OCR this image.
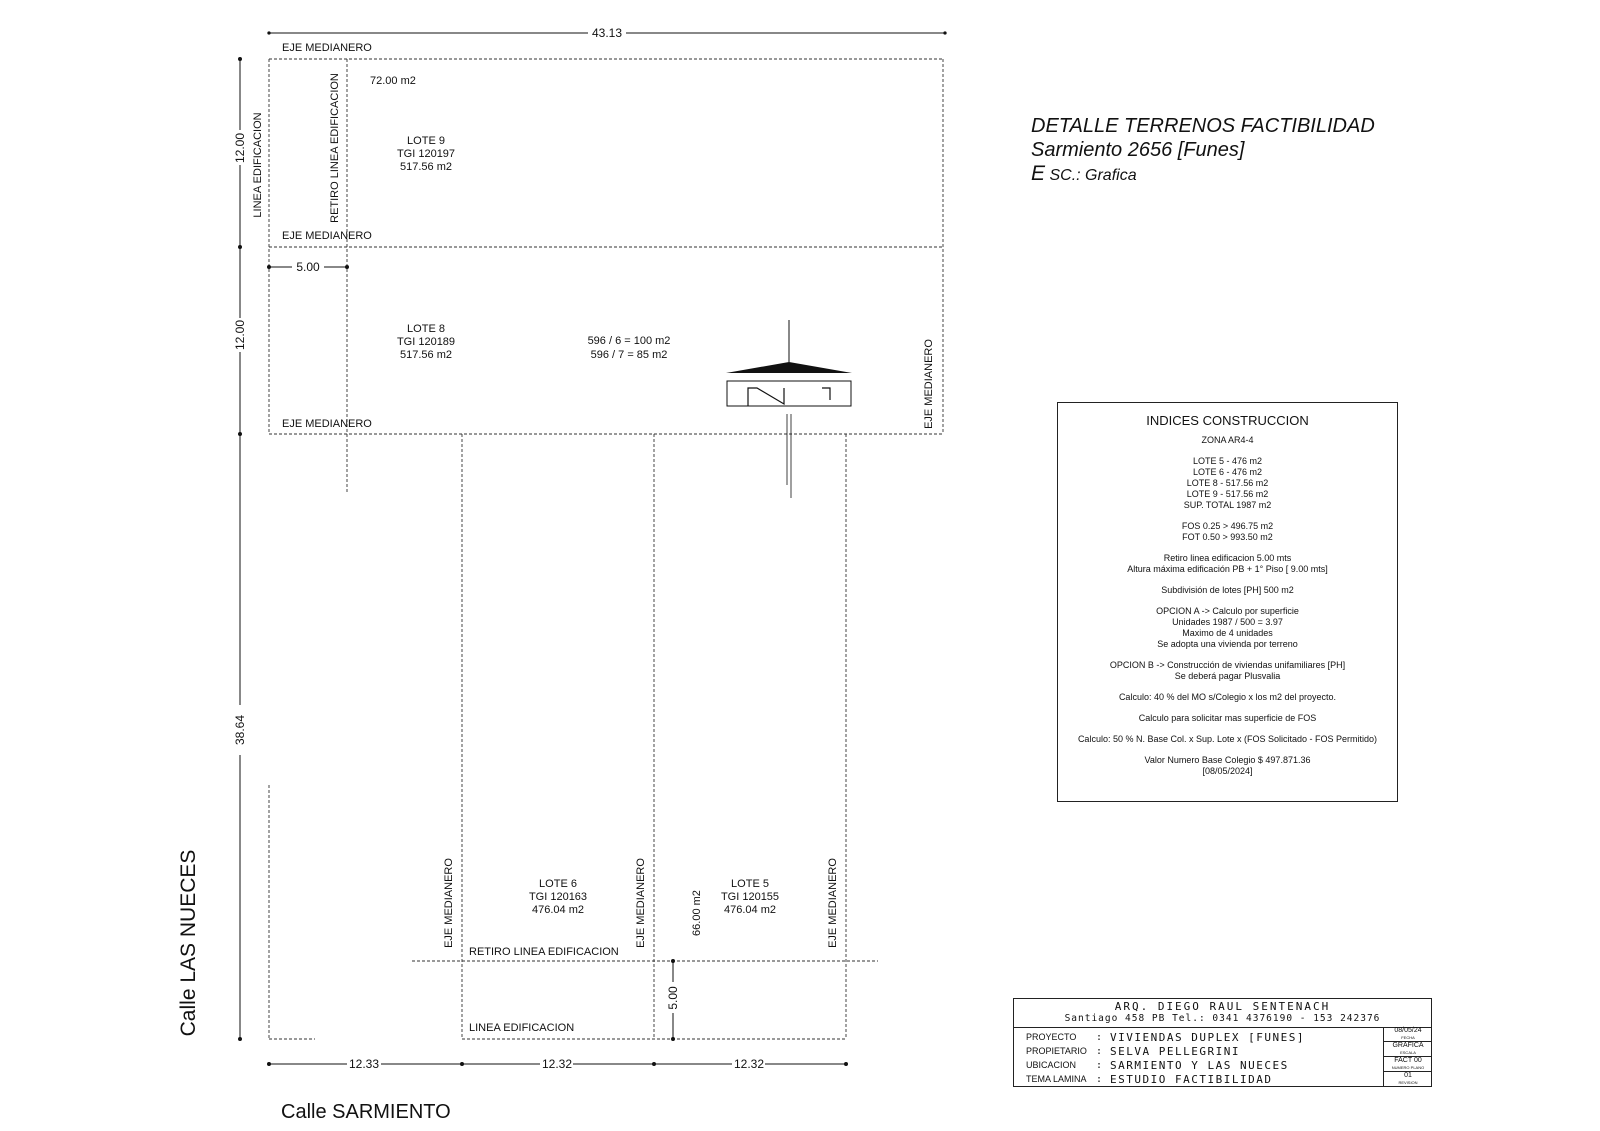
43.13
12.00
12.00
38.64
5.00
5.00
12.33	12.32	12.32
EJE MEDIANERO
EJE MEDIANERO
EJE MEDIANERO	EJE MEDIANERO
EJE MEDIANERO	EJE MEDIANERO	EJE MEDIANERO
LINEA EDIFICACION	RETIRO LINEA EDIFICACION
RETIRO LINEA EDIFICACION
LINEA EDIFICACION
72.00 m2
66.00 m2
596 / 6 = 100 m2
596 / 7 = 85 m2
LOTE 9
TGI 120197
517.56 m2
LOTE 8
TGI 120189
517.56 m2
LOTE 6
TGI 120163
476.04 m2
LOTE 5
TGI 120155
476.04 m2
Calle LAS NUECES
Calle SARMIENTO
DETALLE TERRENOS FACTIBILIDAD
Sarmiento 2656 [Funes]
E SC.: Grafica
INDICES CONSTRUCCION
ZONA AR4-4
LOTE 5 - 476 m2
LOTE 6 - 476 m2
LOTE 8 - 517.56 m2
LOTE 9 - 517.56 m2
SUP. TOTAL 1987 m2
FOS 0.25 > 496.75 m2
FOT 0.50 > 993.50 m2
Retiro linea edificacion 5.00 mts
Altura máxima edificación PB + 1° Piso [ 9.00 mts]
Subdivisión de lotes [PH] 500 m2
OPCION A -> Calculo por superficie
Unidades 1987 / 500 = 3.97
Maximo de 4 unidades
Se adopta una vivienda por terreno
OPCION B -> Construcción de viviendas unifamiliares [PH]
Se deberá pagar Plusvalia
Calculo: 40 % del MO s/Colegio x los m2 del proyecto.
Calculo para solicitar mas superficie de FOS
Calculo: 50 % N. Base Col. x Sup. Lote x (FOS Solicitado - FOS Permitido)
Valor Numero Base Colegio $ 497.871.36
[08/05/2024]
ARQ. DIEGO RAUL SENTENACH
Santiago 458 PB Tel.: 0341 4376190 - 153 242376
PROYECTO	: VIVIENDAS DUPLEX [FUNES]
PROPIETARIO : SELVA PELLEGRINI
UBICACION	: SARMIENTO Y LAS NUECES
TEMA LAMINA : ESTUDIO FACTIBILIDAD
08/05/24
FECHA
GRAFICA
ESCALA
FACT 00
NUMERO PLANO
01
REVISION
